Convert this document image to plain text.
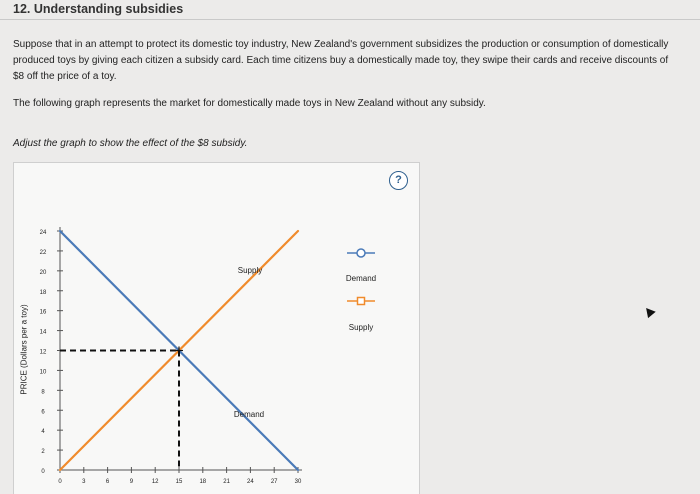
12. Understanding subsidies
Suppose that in an attempt to protect its domestic toy industry, New Zealand's government subsidizes the production or consumption of domestically
produced toys by giving each citizen a subsidy card. Each time citizens buy a domestically made toy, they swipe their cards and receive discounts of
$8 off the price of a toy.
The following graph represents the market for domestically made toys in New Zealand without any subsidy.
Adjust the graph to show the effect of the $8 subsidy.
?
0
2
4
6
8
10
12
14
16
18
20
22
24
0	3	6	9	12	15	18	21	24	27	30
Supply
Demand
Demand
Supply
PRICE (Dollars per a toy)
